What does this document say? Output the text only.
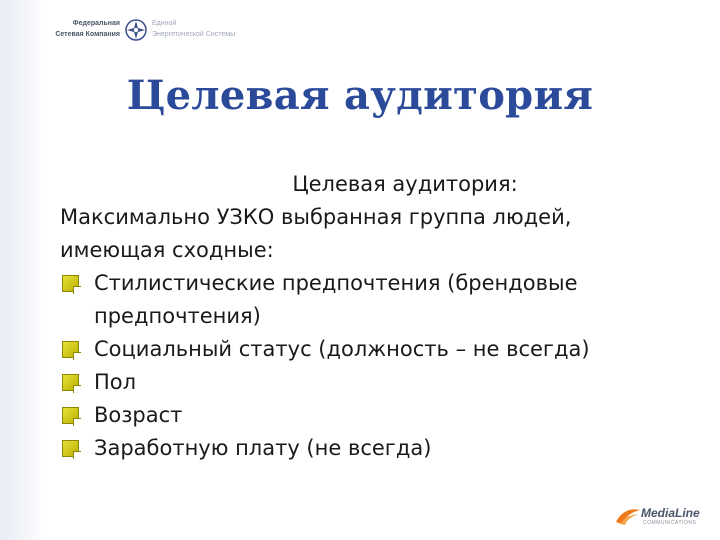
Федеральная
Сетевая Компания
Единой
Энергетической Системы
Целевая аудитория
Целевая аудитория:
Максимально УЗКО выбранная группа людей,
имеющая сходные:
Стилистические предпочтения (брендовые предпочтения)
Социальный статус (должность – не всегда)
Пол
Возраст
Заработную плату (не всегда)
MediaLine
COMMUNICATIONS
